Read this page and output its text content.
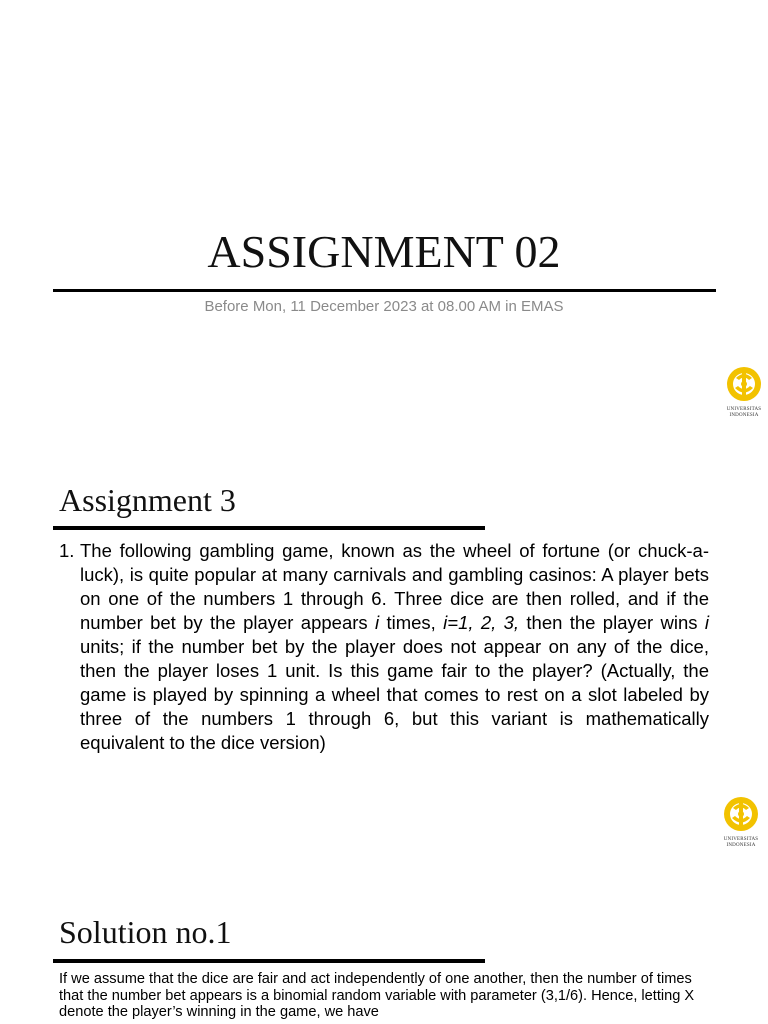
ASSIGNMENT 02
Before Mon, 11 December 2023 at 08.00 AM in EMAS
UNIVERSITAS
INDONESIA
Assignment 3
1. The following gambling game, known as the wheel of fortune (or chuck-a-luck), is quite popular at many carnivals and gambling casinos: A player bets on one of the numbers 1 through 6. Three dice are then rolled, and if the number bet by the player appears i times, i=1, 2, 3, then the player wins i units; if the number bet by the player does not appear on any of the dice, then the player loses 1 unit. Is this game fair to the player? (Actually, the game is played by spinning a wheel that comes to rest on a slot labeled by three of the numbers 1 through 6, but this variant is mathematically equivalent to the dice version)
UNIVERSITAS
INDONESIA
Solution no.1
If we assume that the dice are fair and act independently of one another, then the number of times that the number bet appears is a binomial random variable with parameter (3,1/6). Hence, letting X denote the player’s winning in the game, we have
